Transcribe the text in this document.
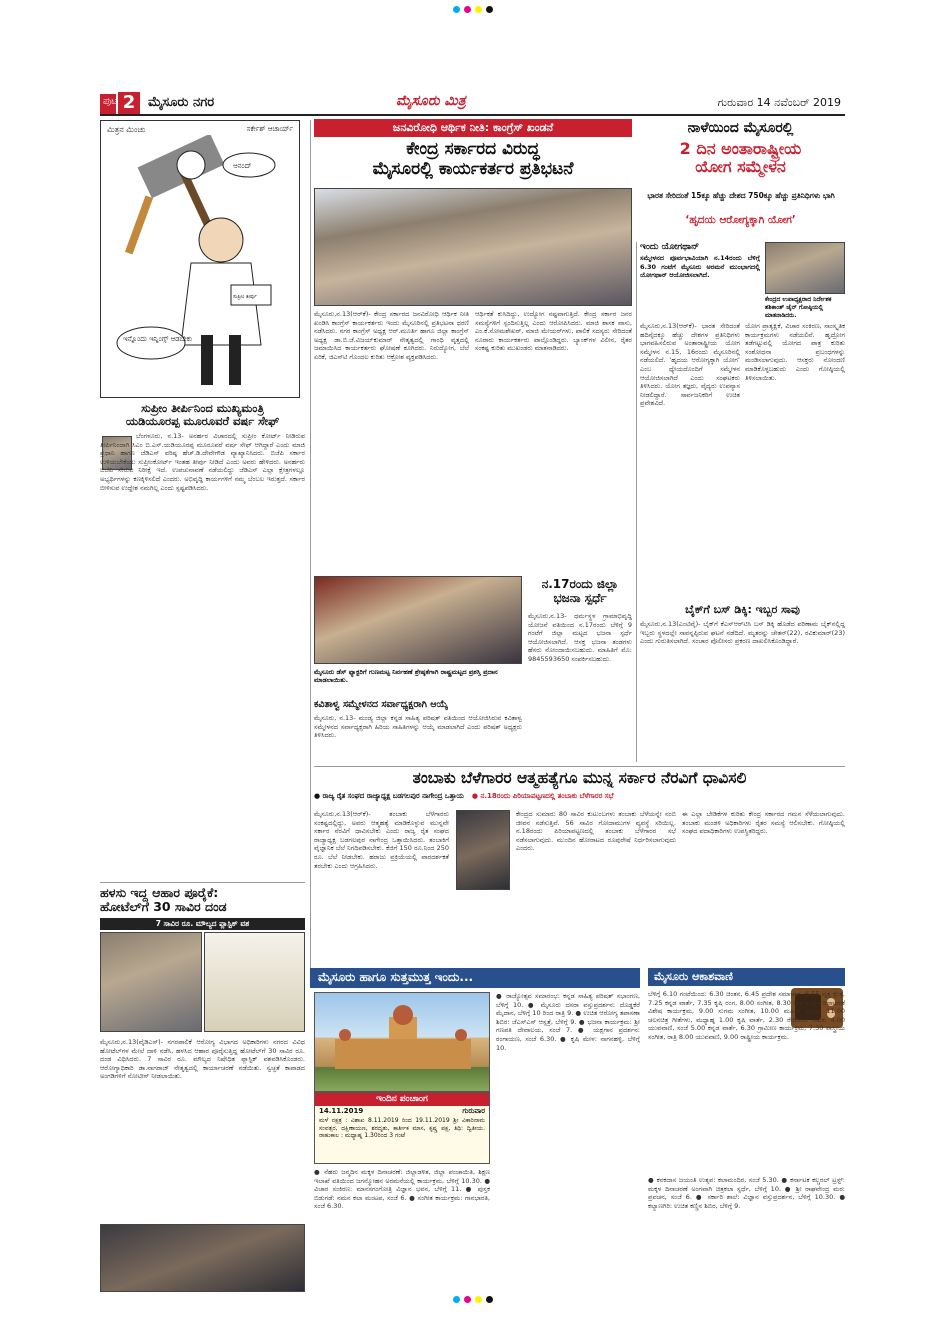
ಪುಟ 2 ಮೈಸೂರು ನಗರ	ಮೈಸೂರು ಮಿತ್ರ	ಗುರುವಾರ 14 ನವೆಂಬರ್ 2019
ಮಿತ್ರನ ಮಿಂಚು	ಸರ್ಕೇಶ್ ಆಚಾರ್ಯ್
ಇನ್ನೊಂದು ಇನ್ನಿಂಗ್ಸ್ ಆಡಬೇಕು
ಆನಂದ್
ಸುಪ್ರೀಂ ತೀರ್ಪು
ಸುಪ್ರೀಂ ತೀರ್ಪಿನಿಂದ ಮುಖ್ಯಮಂತ್ರಿ
ಯಡಿಯೂರಪ್ಪ ಮೂರೂವರೆ ವರ್ಷ ಸೇಫ್
ಬೆಂಗಳೂರು, ನ.13- ಅನರ್ಹರ ವಿಚಾರದಲ್ಲಿ ಸುಪ್ರೀಂ ಕೋರ್ಟ್ ನೀಡಿರುವ ತೀರ್ಪಿನಿಂದಾಗಿ ಸಿಎಂ ಬಿ.ಎಸ್.ಯಡಿಯೂರಪ್ಪ ಮೂರೂವರೆ ವರ್ಷ ಸೇಫ್ ಆಗಿದ್ದಾರೆ ಎಂದು ಮಾಜಿ ಪ್ರಧಾನಿ ಹಾಗೂ ಜೆಡಿಎಸ್ ವರಿಷ್ಠ ಹೆಚ್.ಡಿ.ದೇವೇಗೌಡ ವ್ಯಾಖ್ಯಾನಿಸಿದರು. ಬಿಜೆಪಿ ಸರ್ಕಾರ ಉಳಿಯಬೇಕೆಂದು ಸುಪ್ರೀಂಕೋರ್ಟ್ ಇಂತಹ ತೀರ್ಪು ನೀಡಿದೆ ಎಂದು ಅವರು ಹೇಳಿದರು. ಅನರ್ಹರು ಬಿಜೆಪಿ ಸೇರುವ ನಿರೀಕ್ಷೆ ಇದೆ. ಉಪಚುನಾವಣೆ ನಡೆಯಲಿದ್ದು ಜೆಡಿಎಸ್ ಎಲ್ಲಾ ಕ್ಷೇತ್ರಗಳಲ್ಲೂ ಅಭ್ಯರ್ಥಿಗಳನ್ನು ಕಣಕ್ಕಿಳಿಸಲಿದೆ ಎಂದರು. ಅಭಿವೃದ್ಧಿ ಕಾರ್ಯಗಳಿಗೆ ನಮ್ಮ ಬೆಂಬಲ ಇರುತ್ತದೆ. ಸರ್ಕಾರ ಬೀಳಿಸುವ ಉದ್ದೇಶ ನಮಗಿಲ್ಲ ಎಂದು ಸ್ಪಷ್ಟಪಡಿಸಿದರು.
ಹಳಸು ಇದ್ದ ಆಹಾರ ಪೂರೈಕೆ:
ಹೋಟೆಲ್‌ಗೆ 30 ಸಾವಿರ ದಂಡ
7 ಸಾವಿರ ರೂ. ಮೌಲ್ಯದ ಪ್ಲಾಸ್ಟಿಕ್ ವಶ
ಮೈಸೂರು,ನ.13(ವೈಡಿಎಸ್)- ನಗರಪಾಲಿಕೆ ಆರೋಗ್ಯ ವಿಭಾಗದ ಅಧಿಕಾರಿಗಳು ನಗರದ ವಿವಿಧ ಹೋಟೆಲ್‌ಗಳ ಮೇಲೆ ದಾಳಿ ನಡೆಸಿ, ಹಳಸಿದ ಆಹಾರ ಪೂರೈಸುತ್ತಿದ್ದ ಹೋಟೆಲ್‌ಗೆ 30 ಸಾವಿರ ರೂ. ದಂಡ ವಿಧಿಸಿದರು. 7 ಸಾವಿರ ರೂ. ಮೌಲ್ಯದ ನಿಷೇಧಿತ ಪ್ಲಾಸ್ಟಿಕ್ ವಶಪಡಿಸಿಕೊಂಡರು. ಆರೋಗ್ಯಾಧಿಕಾರಿ ಡಾ.ನಾಗರಾಜ್ ನೇತೃತ್ವದಲ್ಲಿ ಕಾರ್ಯಾಚರಣೆ ನಡೆಯಿತು. ಸ್ವಚ್ಛತೆ ಕಾಪಾಡದ ಅಂಗಡಿಗಳಿಗೆ ನೋಟೀಸ್ ನೀಡಲಾಯಿತು.
ಜನವಿರೋಧಿ ಆರ್ಥಿಕ ನೀತಿ: ಕಾಂಗ್ರೆಸ್ ಖಂಡನೆ
ಕೇಂದ್ರ ಸರ್ಕಾರದ ವಿರುದ್ಧ
ಮೈಸೂರಲ್ಲಿ ಕಾರ್ಯಕರ್ತರ ಪ್ರತಿಭಟನೆ
ಮೈಸೂರು,ನ.13(ಆರ್‌ಕೆ)- ಕೇಂದ್ರ ಸರ್ಕಾರದ ಜನವಿರೋಧಿ ಆರ್ಥಿಕ ನೀತಿ ಖಂಡಿಸಿ ಕಾಂಗ್ರೆಸ್ ಕಾರ್ಯಕರ್ತರು ಇಂದು ಮೈಸೂರಿನಲ್ಲಿ ಪ್ರತಿಭಟನಾ ಧರಣಿ ನಡೆಸಿದರು. ನಗರ ಕಾಂಗ್ರೆಸ್ ಅಧ್ಯಕ್ಷ ಆರ್.ಮೂರ್ತಿ ಹಾಗೂ ಜಿಲ್ಲಾ ಕಾಂಗ್ರೆಸ್ ಅಧ್ಯಕ್ಷ ಡಾ.ಬಿ.ಜೆ.ವಿಜಯ್‌ಕುಮಾರ್ ನೇತೃತ್ವದಲ್ಲಿ ಗಾಂಧಿ ವೃತ್ತದಲ್ಲಿ ಜಮಾಯಿಸಿದ ಕಾರ್ಯಕರ್ತರು ಘೋಷಣೆ ಕೂಗಿದರು. ನಿರುದ್ಯೋಗ, ಬೆಲೆ ಏರಿಕೆ, ಜಿಎಸ್‌ಟಿ ಗೊಂದಲ ಕುರಿತು ಆಕ್ರೋಶ ವ್ಯಕ್ತಪಡಿಸಿದರು.
ಆರ್ಥಿಕತೆ ಕುಸಿದಿದ್ದು, ಉದ್ಯೋಗ ನಷ್ಟವಾಗುತ್ತಿದೆ. ಕೇಂದ್ರ ಸರ್ಕಾರ ಜನರ ಸಮಸ್ಯೆಗಳಿಗೆ ಸ್ಪಂದಿಸುತ್ತಿಲ್ಲ ಎಂದು ಆರೋಪಿಸಿದರು. ಮಾಜಿ ಶಾಸಕ ವಾಸು, ಎಂ.ಕೆ.ಸೋಮಶೇಖರ್, ಮಾಜಿ ಮೇಯರ್‌ಗಳು, ಪಾಲಿಕೆ ಸದಸ್ಯರು ಸೇರಿದಂತೆ ನೂರಾರು ಕಾರ್ಯಕರ್ತರು ಪಾಲ್ಗೊಂಡಿದ್ದರು. ಬ್ಯಾಂಕ್‌ಗಳ ವಿಲೀನ, ರೈತರ ಸಂಕಷ್ಟ ಕುರಿತು ಮುಖಂಡರು ಮಾತನಾಡಿದರು.
ನಾಳೆಯಿಂದ ಮೈಸೂರಲ್ಲಿ
2 ದಿನ ಅಂತಾರಾಷ್ಟ್ರೀಯ
ಯೋಗ ಸಮ್ಮೇಳನ
ಭಾರತ ಸೇರಿದಂತೆ 15ಕ್ಕೂ ಹೆಚ್ಚು ದೇಶದ 750ಕ್ಕೂ ಹೆಚ್ಚು ಪ್ರತಿನಿಧಿಗಳು ಭಾಗಿ
‘ಹೃದಯ ಆರೋಗ್ಯಕ್ಕಾಗಿ ಯೋಗ’
ಇಂದು ಯೋಗಥಾನ್
ಸಮ್ಮೇಳನದ ಪೂರ್ವಭಾವಿಯಾಗಿ ನ.14ರಂದು ಬೆಳಿಗ್ಗೆ 6.30 ಗಂಟೆಗೆ ಮೈಸೂರು ಅರಮನೆ ಮುಂಭಾಗದಲ್ಲಿ ಯೋಗಥಾನ್ ಆಯೋಜಿಸಲಾಗಿದೆ.
ಕೇಂದ್ರದ ಉಪಾಧ್ಯಕ್ಷರಾದ ನಿರ್ದೇಶಕ ಶಶಿಕಾಂತ್ ಜೈನ್ ಗೋಷ್ಠಿಯಲ್ಲಿ ಮಾತನಾಡಿದರು.
ಮೈಸೂರು,ನ.13(ಆರ್‌ಕೆ)- ಭಾರತ ಸೇರಿದಂತೆ ಹದಿನೈದಕ್ಕೂ ಹೆಚ್ಚು ದೇಶಗಳ ಪ್ರತಿನಿಧಿಗಳು ಭಾಗವಹಿಸಲಿರುವ ಅಂತಾರಾಷ್ಟ್ರೀಯ ಯೋಗ ಸಮ್ಮೇಳನ ನ.15, 16ರಂದು ಮೈಸೂರಿನಲ್ಲಿ ನಡೆಯಲಿದೆ. ‘ಹೃದಯ ಆರೋಗ್ಯಕ್ಕಾಗಿ ಯೋಗ’ ಎಂಬ ಧ್ಯೇಯದೊಂದಿಗೆ ಸಮ್ಮೇಳನ ಆಯೋಜಿಸಲಾಗಿದೆ ಎಂದು ಸಂಘಟಕರು ತಿಳಿಸಿದರು. ಯೋಗ ತಜ್ಞರು, ವೈದ್ಯರು ಉಪನ್ಯಾಸ ನೀಡಲಿದ್ದಾರೆ. ಸಾರ್ವಜನಿಕರಿಗೆ ಉಚಿತ ಪ್ರವೇಶವಿದೆ.
ಯೋಗ ಪ್ರಾತ್ಯಕ್ಷಿಕೆ, ವಿಚಾರ ಸಂಕಿರಣ, ಸಾಂಸ್ಕೃತಿಕ ಕಾರ್ಯಕ್ರಮಗಳು ನಡೆಯಲಿವೆ. ಹೃದ್ರೋಗ ತಡೆಗಟ್ಟುವಲ್ಲಿ ಯೋಗದ ಪಾತ್ರ ಕುರಿತು ಸಂಶೋಧನಾ ಪ್ರಬಂಧಗಳನ್ನು ಮಂಡಿಸಲಾಗುವುದು. ಆಸಕ್ತರು ನೋಂದಣಿ ಮಾಡಿಕೊಳ್ಳಬಹುದು ಎಂದು ಗೋಷ್ಠಿಯಲ್ಲಿ ತಿಳಿಸಲಾಯಿತು.
ಬೈಕ್‌ಗೆ ಬಸ್ ಡಿಕ್ಕಿ: ಇಬ್ಬರ ಸಾವು
ಮೈಸೂರು,ನ.13(ಎಂಟಿವೈ)- ಬೈಕ್‌ಗೆ ಕೆಎಸ್‌ಆರ್‌ಟಿಸಿ ಬಸ್ ಡಿಕ್ಕಿ ಹೊಡೆದ ಪರಿಣಾಮ ಬೈಕ್‌ನಲ್ಲಿದ್ದ ಇಬ್ಬರು ಸ್ಥಳದಲ್ಲೇ ಸಾವನ್ನಪ್ಪಿರುವ ಘಟನೆ ನಡೆದಿದೆ. ಮೃತರನ್ನು ಚೇತನ್(22), ರವಿಕುಮಾರ್(23) ಎಂದು ಗುರುತಿಸಲಾಗಿದೆ. ಸಂಚಾರ ಪೊಲೀಸರು ಪ್ರಕರಣ ದಾಖಲಿಸಿಕೊಂಡಿದ್ದಾರೆ.
ಮೈಸೂರು ಡೆಸ್ ಫ್ಯಾಕ್ಟರಿಗೆ ಗುಣಮಟ್ಟ ನಿರ್ವಹಣೆ ಶ್ರೇಷ್ಠತೆಗಾಗಿ ರಾಷ್ಟ್ರಮಟ್ಟದ ಪ್ರಶಸ್ತಿ ಪ್ರದಾನ ಮಾಡಲಾಯಿತು.
ಕವಿತಾಳ್ವ ಸಮ್ಮೇಳನದ ಸರ್ವಾಧ್ಯಕ್ಷರಾಗಿ ಆಯ್ಕೆ
ಮೈಸೂರು, ನ.13- ಮಂಡ್ಯ ಜಿಲ್ಲಾ ಕನ್ನಡ ಸಾಹಿತ್ಯ ಪರಿಷತ್ ವತಿಯಿಂದ ಆಯೋಜಿಸಿರುವ ಕವಿತಾಳ್ವ ಸಮ್ಮೇಳನದ ಸರ್ವಾಧ್ಯಕ್ಷರಾಗಿ ಹಿರಿಯ ಸಾಹಿತಿಗಳನ್ನು ಆಯ್ಕೆ ಮಾಡಲಾಗಿದೆ ಎಂದು ಪರಿಷತ್ ಅಧ್ಯಕ್ಷರು ತಿಳಿಸಿದರು.
ನ.17ರಂದು ಜಿಲ್ಲಾ
ಭಜನಾ ಸ್ಪರ್ಧೆ
ಮೈಸೂರು,ನ.13- ಧರ್ಮಸ್ಥಳ ಗ್ರಾಮಾಭಿವೃದ್ಧಿ ಯೋಜನೆ ವತಿಯಿಂದ ನ.17ರಂದು ಬೆಳಿಗ್ಗೆ 9 ಗಂಟೆಗೆ ಜಿಲ್ಲಾ ಮಟ್ಟದ ಭಜನಾ ಸ್ಪರ್ಧೆ ಆಯೋಜಿಸಲಾಗಿದೆ. ಆಸಕ್ತ ಭಜನಾ ತಂಡಗಳು ಹೆಸರು ನೋಂದಾಯಿಸಬಹುದು. ಮಾಹಿತಿಗೆ ಮೊ: 9845593650 ಸಂಪರ್ಕಿಸಬಹುದು.
ತಂಬಾಕು ಬೆಳೆಗಾರರ ಆತ್ಮಹತ್ಯೆಗೂ ಮುನ್ನ ಸರ್ಕಾರ ನೆರವಿಗೆ ಧಾವಿಸಲಿ
● ರಾಜ್ಯ ರೈತ ಸಂಘದ ರಾಜ್ಯಾಧ್ಯಕ್ಷ ಬಡಗಲಪುರ ನಾಗೇಂದ್ರ ಒತ್ತಾಯ ● ನ.18ರಂದು ಪಿರಿಯಾಪಟ್ಟಣದಲ್ಲಿ ತಂಬಾಕು ಬೆಳೆಗಾರರ ಸಭೆ
ಮೈಸೂರು,ನ.13(ಆರ್‌ಕೆ)- ತಂಬಾಕು ಬೆಳೆಗಾರರು ಸಂಕಷ್ಟದಲ್ಲಿದ್ದು, ಅವರು ಆತ್ಮಹತ್ಯೆ ಮಾಡಿಕೊಳ್ಳುವ ಮುನ್ನವೇ ಸರ್ಕಾರ ನೆರವಿಗೆ ಧಾವಿಸಬೇಕು ಎಂದು ರಾಜ್ಯ ರೈತ ಸಂಘದ ರಾಜ್ಯಾಧ್ಯಕ್ಷ ಬಡಗಲಪುರ ನಾಗೇಂದ್ರ ಒತ್ತಾಯಿಸಿದರು. ತಂಬಾಕಿಗೆ ವೈಜ್ಞಾನಿಕ ಬೆಲೆ ನಿಗದಿಪಡಿಸಬೇಕು. ಕೆಜಿಗೆ 150 ರೂ.ನಿಂದ 250 ರೂ. ಬೆಲೆ ನೀಡಬೇಕು. ಹರಾಜು ಪ್ರಕ್ರಿಯೆಯಲ್ಲಿ ಪಾರದರ್ಶಕತೆ ತರಬೇಕು ಎಂದು ಆಗ್ರಹಿಸಿದರು.
ಕೇಂದ್ರದ ಸುಮಾರು 80 ಸಾವಿರ ಕುಟುಂಬಗಳು ತಂಬಾಕು ಬೆಳೆಯನ್ನೇ ನಂಬಿ ಜೀವನ ನಡೆಸುತ್ತಿವೆ. 56 ಸಾವಿರ ಗೋದಾಮುಗಳ ವ್ಯವಸ್ಥೆ ಸರಿಯಿಲ್ಲ. ನ.18ರಂದು ಪಿರಿಯಾಪಟ್ಟಣದಲ್ಲಿ ತಂಬಾಕು ಬೆಳೆಗಾರರ ಸಭೆ ನಡೆಸಲಾಗುವುದು. ಮುಂದಿನ ಹೋರಾಟದ ರೂಪುರೇಷೆ ನಿರ್ಧರಿಸಲಾಗುವುದು ಎಂದರು.
ಈ ಎಲ್ಲಾ ಬೇಡಿಕೆಗಳ ಕುರಿತು ಕೇಂದ್ರ ಸರ್ಕಾರದ ಗಮನ ಸೆಳೆಯಲಾಗುವುದು. ತಂಬಾಕು ಮಂಡಳಿ ಅಧಿಕಾರಿಗಳು ರೈತರ ಸಮಸ್ಯೆ ಆಲಿಸಬೇಕು. ಗೋಷ್ಠಿಯಲ್ಲಿ ಸಂಘದ ಪದಾಧಿಕಾರಿಗಳು ಉಪಸ್ಥಿತರಿದ್ದರು.
ಮೈಸೂರು ಹಾಗೂ ಸುತ್ತಮುತ್ತ ಇಂದು...
ಇಂದಿನ ಪಂಚಾಂಗ
14.11.2019	ಗುರುವಾರ
ಮಳೆ ನಕ್ಷತ್ರ : ವಿಶಾಖ 8.11.2019 ರಿಂದ 19.11.2019 ಶ್ರೀ ವಿಕಾರಿನಾಮ ಸಂವತ್ಸರ, ದಕ್ಷಿಣಾಯಣ, ಶರದೃತು, ಕಾರ್ತೀಕ ಮಾಸ, ಕೃಷ್ಣ ಪಕ್ಷ, ತಿಥಿ: ದ್ವಿತೀಯ. ರಾಹುಕಾಲ : ಮಧ್ಯಾಹ್ನ 1.30ರಿಂದ 3 ಗಂಟೆ
● ನೆಹರು ಜನ್ಮದಿನ ಮಕ್ಕಳ ದಿನಾಚರಣೆ: ಜಿಲ್ಲಾಡಳಿತ, ಜಿಲ್ಲಾ ಪಂಚಾಯಿತಿ, ಶಿಕ್ಷಣ ಇಲಾಖೆ ವತಿಯಿಂದ ಜಗನ್ಮೋಹನ ಅರಮನೆಯಲ್ಲಿ ಕಾರ್ಯಕ್ರಮ, ಬೆಳಿಗ್ಗೆ 10.30. ● ವಿಚಾರ ಸಂಕಿರಣ: ಮಾನಸಗಂಗೋತ್ರಿ ವಿಜ್ಞಾನ ಭವನ, ಬೆಳಿಗ್ಗೆ 11. ● ಪುಸ್ತಕ ಬಿಡುಗಡೆ: ನಮನ ಕಲಾ ಮಂಟಪ, ಸಂಜೆ 6. ● ಸಂಗೀತ ಕಾರ್ಯಕ್ರಮ: ಗಾನಭಾರತಿ, ಸಂಜೆ 6.30.
● ರಾಜ್ಯೋತ್ಸವ ಸಮಾರಂಭ: ಕನ್ನಡ ಸಾಹಿತ್ಯ ಪರಿಷತ್ ಸಭಾಂಗಣ, ಬೆಳಿಗ್ಗೆ 10. ● ಮೈಸೂರು ದಸರಾ ವಸ್ತುಪ್ರದರ್ಶನ: ದೊಡ್ಡಕೆರೆ ಮೈದಾನ, ಬೆಳಿಗ್ಗೆ 10 ರಿಂದ ರಾತ್ರಿ 9. ● ಉಚಿತ ಆರೋಗ್ಯ ತಪಾಸಣಾ ಶಿಬಿರ: ಜೆಎಸ್‌ಎಸ್ ಆಸ್ಪತ್ರೆ, ಬೆಳಿಗ್ಗೆ 9. ● ಭಜನಾ ಕಾರ್ಯಕ್ರಮ: ಶ್ರೀ ಗಣಪತಿ ದೇವಾಲಯ, ಸಂಜೆ 7. ● ಯಕ್ಷಗಾನ ಪ್ರದರ್ಶನ: ರಂಗಾಯಣ, ಸಂಜೆ 6.30. ● ಕೃಷಿ ಮೇಳ: ನಾಗನಹಳ್ಳಿ, ಬೆಳಿಗ್ಗೆ 10.
ಮೈಸೂರು ಆಕಾಶವಾಣಿ
ಬೆಳಿಗ್ಗೆ 6.10 ಗಂಟೆಯಿಂದ: 6.30 ಚಿಂತನ, 6.45 ಪ್ರದೇಶ ಸಮಾಚಾರ, 6.55 ವೃತ್ತ ಕ್ಷೇತ್ರ, 7.25 ಕನ್ನಡ ವಾರ್ತೆ, 7.35 ಕೃಷಿ ರಂಗ, 8.00 ಸಂಗೀತ, 8.30 ರಿಂದ ಮಕ್ಕಳ ದಿನಾಚರಣೆ ವಿಶೇಷ ಕಾರ್ಯಕ್ರಮ, 9.00 ಸುಗಮ ಸಂಗೀತ, 10.00 ಮಹಿಳಾ ವಿಭಾಗ, 11.00 ಚಲನಚಿತ್ರ ಗೀತೆಗಳು, ಮಧ್ಯಾಹ್ನ 1.00 ಕೃಷಿ ವಾರ್ತೆ, 2.30 ರೇಡಿಯೋ ನಾಟಕ, 4.00 ಯುವವಾಣಿ, ಸಂಜೆ 5.00 ಕನ್ನಡ ವಾರ್ತೆ, 6.30 ಗ್ರಾಮೀಣ ಕಾರ್ಯಕ್ರಮ, 7.30 ಶಾಸ್ತ್ರೀಯ ಸಂಗೀತ, ರಾತ್ರಿ 8.00 ಯುವವಾಣಿ, 9.00 ರಾಷ್ಟ್ರೀಯ ಕಾರ್ಯಕ್ರಮ.
● ಕನಕದಾಸ ಜಯಂತಿ ಉತ್ಸವ: ಕಲಾಮಂದಿರ, ಸಂಜೆ 5.30. ● ಕರ್ನಾಟಕ ಕಲ್ಚರಲ್ ಟ್ರಸ್ಟ್: ಮಕ್ಕಳ ದಿನಾಚರಣೆ ಅಂಗವಾಗಿ ಚಿತ್ರಕಲಾ ಸ್ಪರ್ಧೆ, ಬೆಳಿಗ್ಗೆ 10. ● ಶ್ರೀ ರಾಘವೇಂದ್ರ ಮಠ: ಪ್ರವಚನ, ಸಂಜೆ 6. ● ಸರ್ಕಾರಿ ಶಾಲೆ: ವಿಜ್ಞಾನ ವಸ್ತುಪ್ರದರ್ಶನ, ಬೆಳಿಗ್ಗೆ 10.30. ● ಕಲ್ಯಾಣಗಿರಿ: ಉಚಿತ ಕಣ್ಣಿನ ಶಿಬಿರ, ಬೆಳಿಗ್ಗೆ 9.
